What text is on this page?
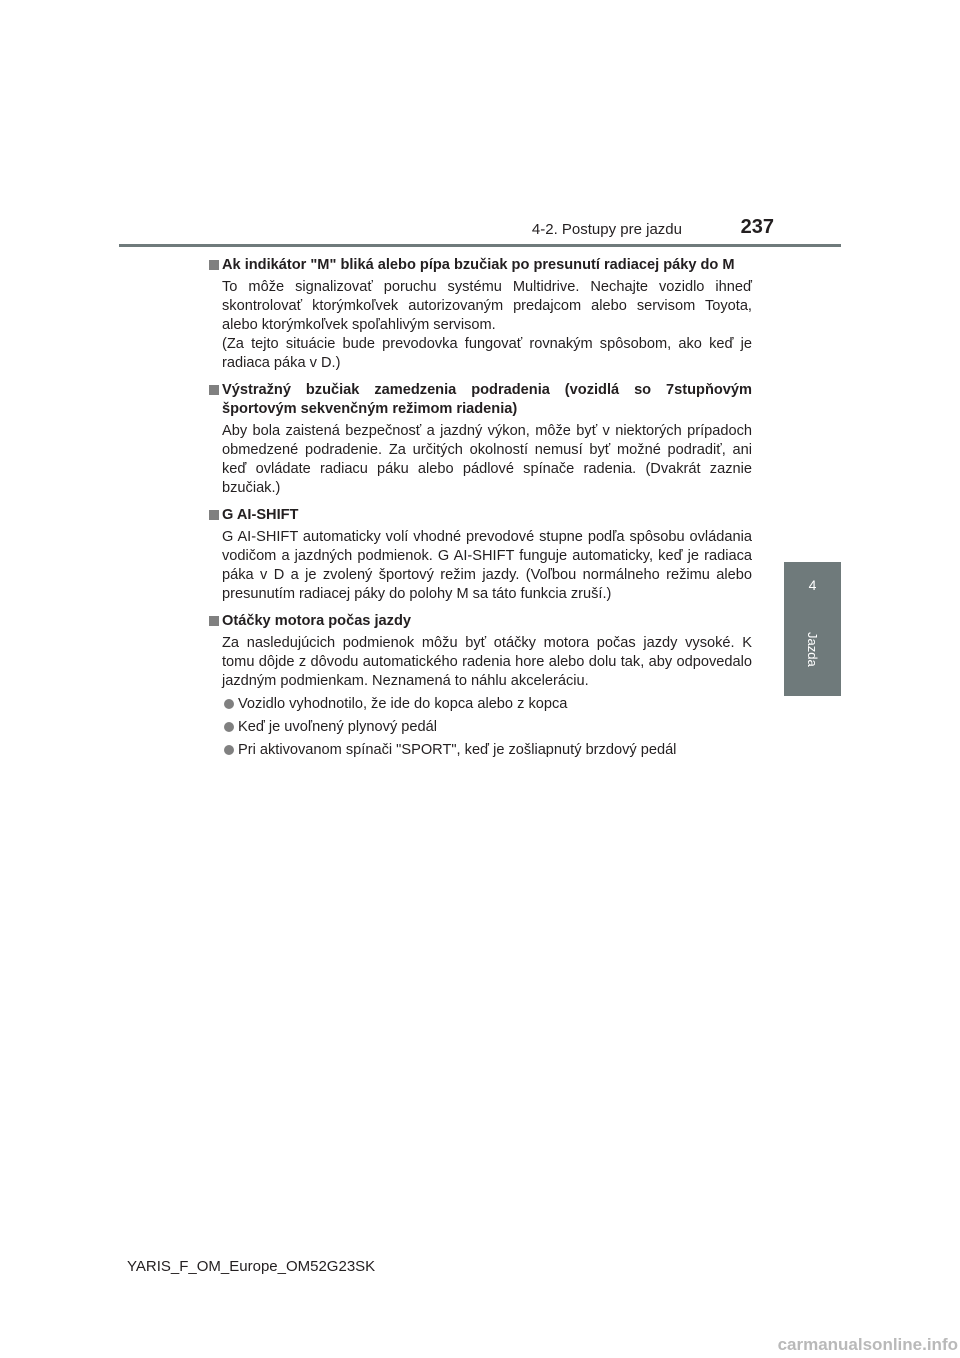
4-2. Postupy pre jazdu	237
4
Jazda
Ak indikátor "M" bliká alebo pípa bzučiak po presunutí radiacej páky do M
To môže signalizovať poruchu systému Multidrive. Nechajte vozidlo ihneď skontrolovať ktorýmkoľvek autorizovaným predajcom alebo servisom Toyota, alebo ktorýmkoľvek spoľahlivým servisom.
(Za tejto situácie bude prevodovka fungovať rovnakým spôsobom, ako keď je radiaca páka v D.)
Výstražný bzučiak zamedzenia podradenia (vozidlá so 7stupňovým športovým sekvenčným režimom riadenia)
Aby bola zaistená bezpečnosť a jazdný výkon, môže byť v niektorých prípadoch obmedzené podradenie. Za určitých okolností nemusí byť možné podradiť, ani keď ovládate radiacu páku alebo pádlové spínače radenia. (Dvakrát zaznie bzučiak.)
G AI-SHIFT
G AI-SHIFT automaticky volí vhodné prevodové stupne podľa spôsobu ovládania vodičom a jazdných podmienok. G AI-SHIFT funguje automaticky, keď je radiaca páka v D a je zvolený športový režim jazdy. (Voľbou normálneho režimu alebo presunutím radiacej páky do polohy M sa táto funkcia zruší.)
Otáčky motora počas jazdy
Za nasledujúcich podmienok môžu byť otáčky motora počas jazdy vysoké. K tomu dôjde z dôvodu automatického radenia hore alebo dolu tak, aby odpovedalo jazdným podmienkam. Neznamená to náhlu akceleráciu.
Vozidlo vyhodnotilo, že ide do kopca alebo z kopca
Keď je uvoľnený plynový pedál
Pri aktivovanom spínači "SPORT", keď je zošliapnutý brzdový pedál
YARIS_F_OM_Europe_OM52G23SK
carmanualsonline.info
